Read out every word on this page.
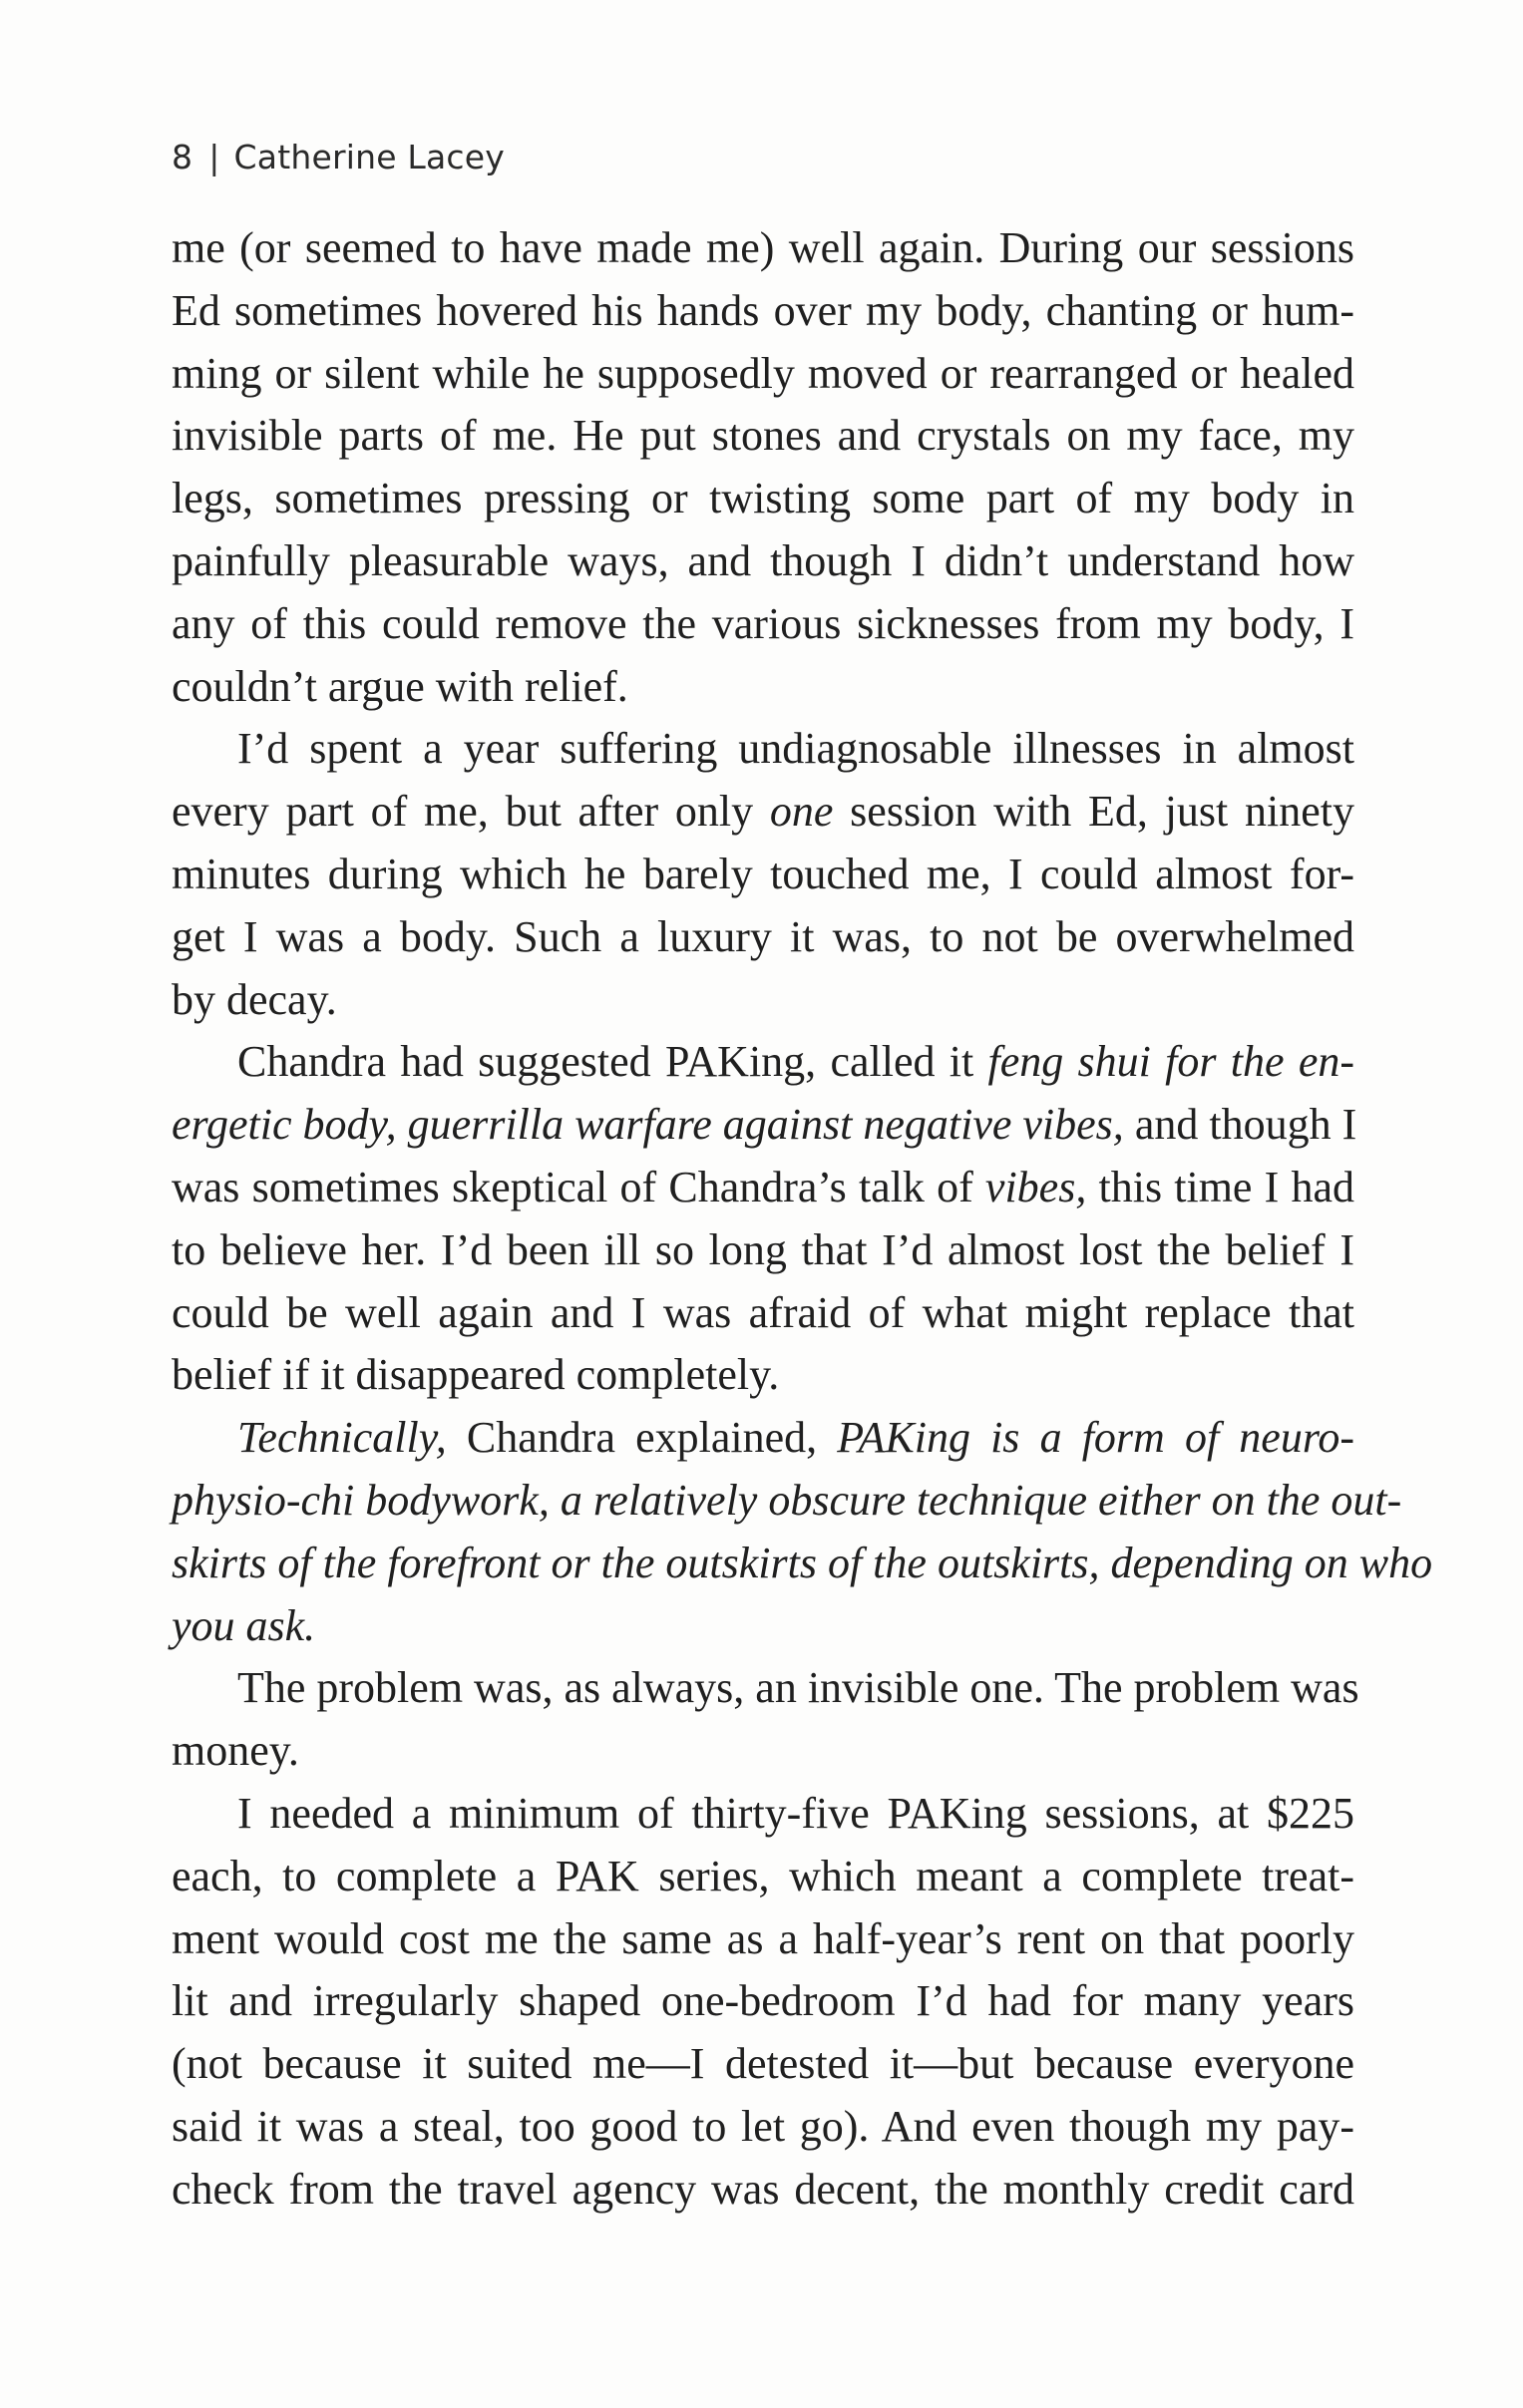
8 | Catherine Lacey
me (or seemed to have made me) well again. During our sessions
Ed sometimes hovered his hands over my body, chanting or hum-
ming or silent while he supposedly moved or rearranged or healed
invisible parts of me. He put stones and crystals on my face, my
legs, sometimes pressing or twisting some part of my body in
painfully pleasurable ways, and though I didn’t understand how
any of this could remove the various sicknesses from my body, I
couldn’t argue with relief.
I’d spent a year suffering undiagnosable illnesses in almost
every part of me, but after only one session with Ed, just ninety
minutes during which he barely touched me, I could almost for-
get I was a body. Such a luxury it was, to not be overwhelmed
by decay.
Chandra had suggested PAKing, called it feng shui for the en-
ergetic body, guerrilla warfare against negative vibes, and though I
was sometimes skeptical of Chandra’s talk of vibes, this time I had
to believe her. I’d been ill so long that I’d almost lost the belief I
could be well again and I was afraid of what might replace that
belief if it disappeared completely.
Technically, Chandra explained, PAKing is a form of neuro-
physio-chi bodywork, a relatively obscure technique either on the out-
skirts of the forefront or the outskirts of the outskirts, depending on who
you ask.
The problem was, as always, an invisible one. The problem was
money.
I needed a minimum of thirty-five PAKing sessions, at $225
each, to complete a PAK series, which meant a complete treat-
ment would cost me the same as a half-year’s rent on that poorly
lit and irregularly shaped one-bedroom I’d had for many years
(not because it suited me—I detested it—but because everyone
said it was a steal, too good to let go). And even though my pay-
check from the travel agency was decent, the monthly credit card
